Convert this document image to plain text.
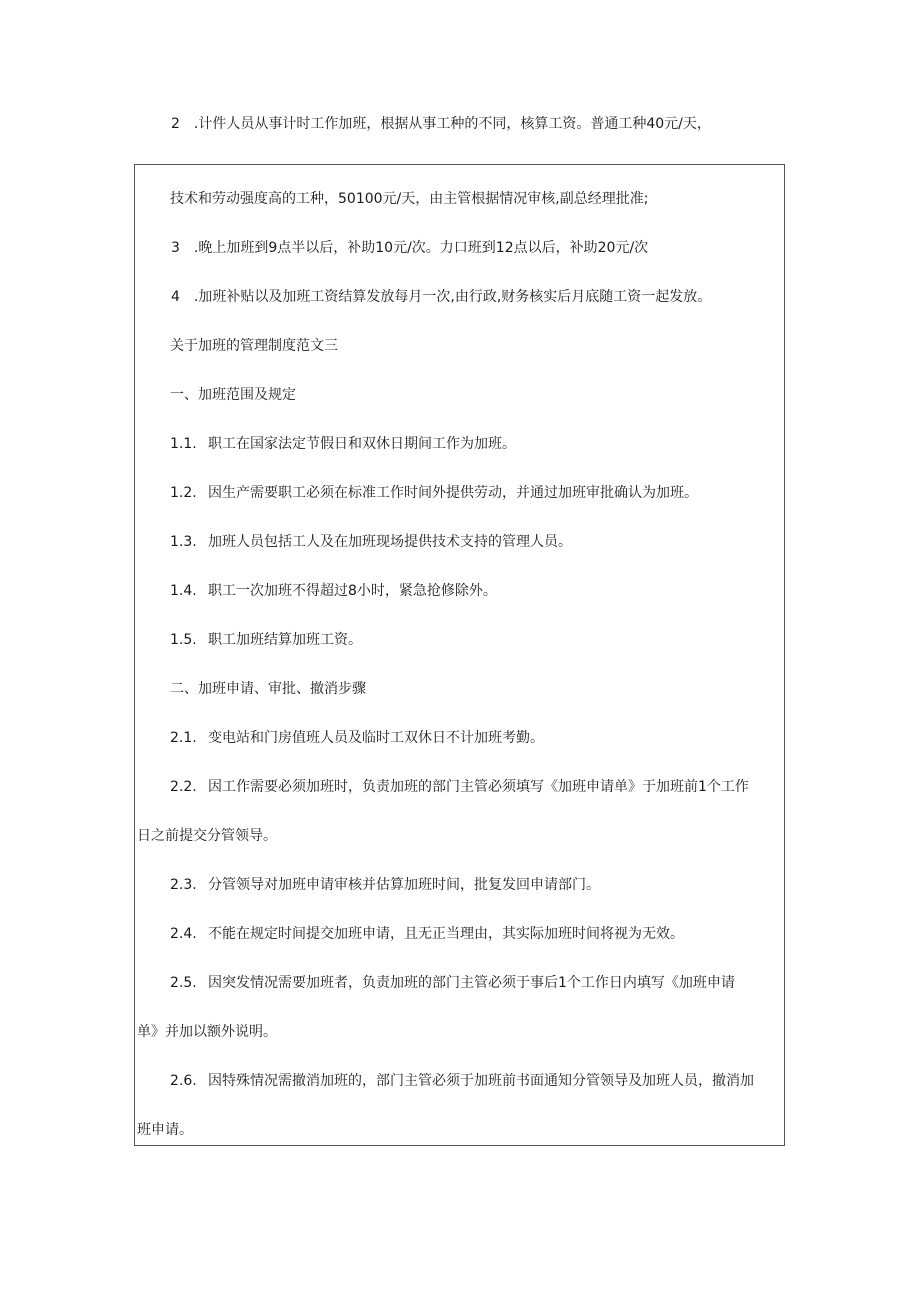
2 .计件人员从事计时工作加班，根据从事工种的不同，核算工资。普通工种40元/天，
技术和劳动强度高的工种，50100元/天，由主管根据情况审核,副总经理批准;
3 .晚上加班到9点半以后，补助10元/次。力口班到12点以后，补助20元/次
4 .加班补贴以及加班工资结算发放每月一次,由行政,财务核实后月底随工资一起发放。
关于加班的管理制度范文三
一、加班范围及规定
1.1. 职工在国家法定节假日和双休日期间工作为加班。
1.2. 因生产需要职工必须在标准工作时间外提供劳动，并通过加班审批确认为加班。
1.3. 加班人员包括工人及在加班现场提供技术支持的管理人员。
1.4. 职工一次加班不得超过8小时，紧急抢修除外。
1.5. 职工加班结算加班工资。
二、加班申请、审批、撤消步骤
2.1. 变电站和门房值班人员及临时工双休日不计加班考勤。
2.2. 因工作需要必须加班时，负责加班的部门主管必须填写《加班申请单》于加班前1个工作
日之前提交分管领导。
2.3. 分管领导对加班申请审核并估算加班时间，批复发回申请部门。
2.4. 不能在规定时间提交加班申请，且无正当理由，其实际加班时间将视为无效。
2.5. 因突发情况需要加班者，负责加班的部门主管必须于事后1个工作日内填写《加班申请
单》并加以额外说明。
2.6. 因特殊情况需撤消加班的，部门主管必须于加班前书面通知分管领导及加班人员，撤消加
班申请。
